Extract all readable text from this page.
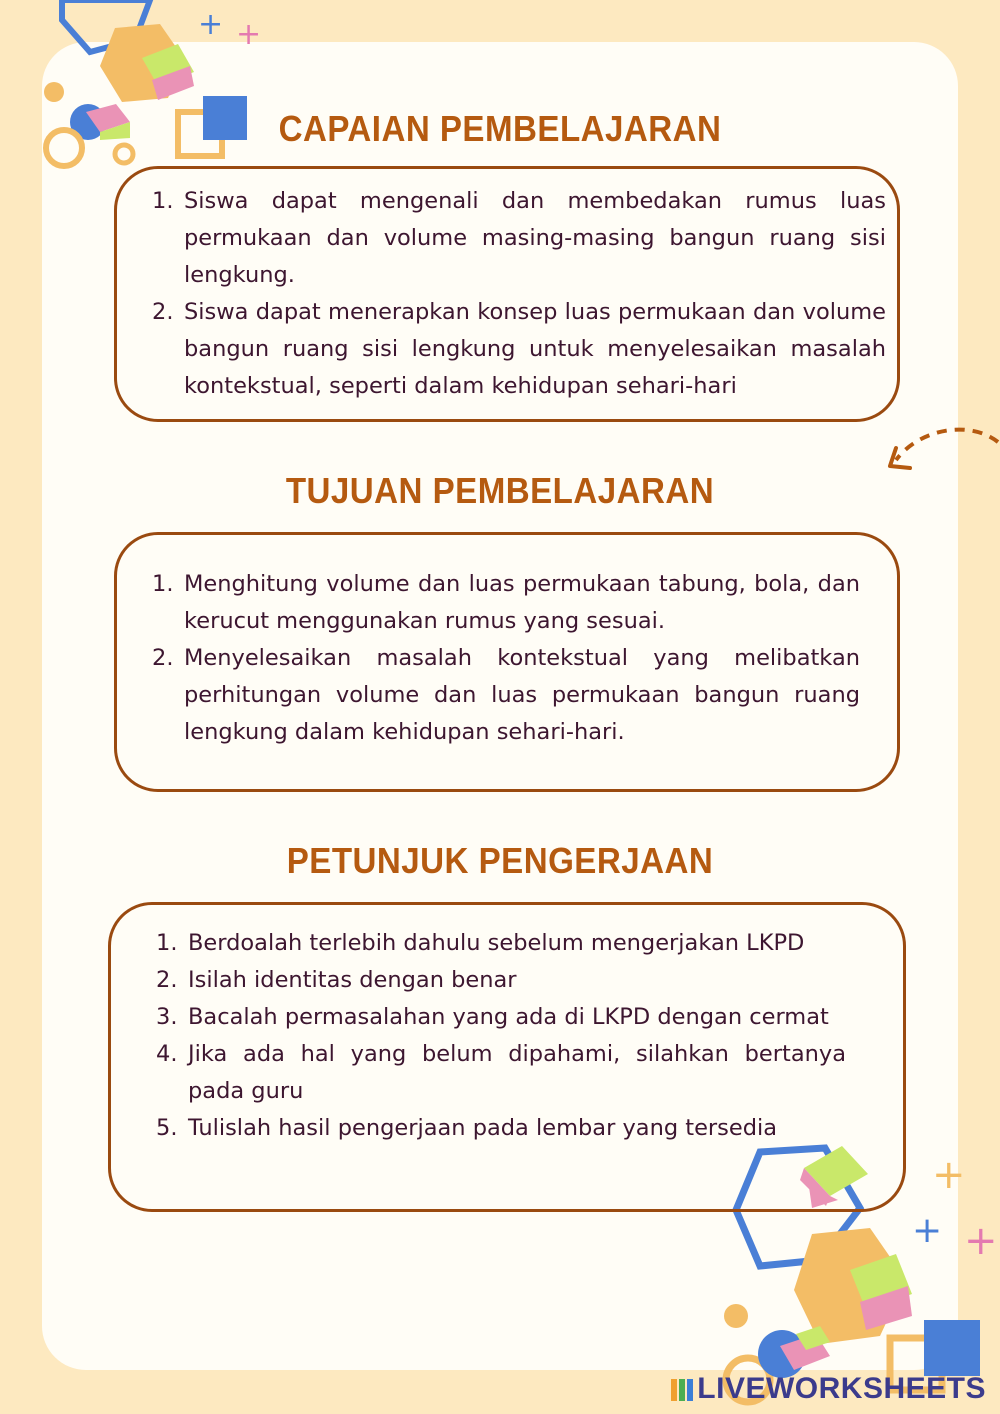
+ +
+
+ +
CAPAIAN PEMBELAJARAN
1. Siswa dapat mengenali dan membedakan rumus luas permukaan dan volume masing-masing bangun ruang sisi lengkung.
2. Siswa dapat menerapkan konsep luas permukaan dan volume bangun ruang sisi lengkung untuk menyelesaikan masalah kontekstual, seperti dalam kehidupan sehari-hari
TUJUAN PEMBELAJARAN
1. Menghitung volume dan luas permukaan tabung, bola, dan kerucut menggunakan rumus yang sesuai.
2. Menyelesaikan masalah kontekstual yang melibatkan perhitungan volume dan luas permukaan bangun ruang lengkung dalam kehidupan sehari-hari.
PETUNJUK PENGERJAAN
1. Berdoalah terlebih dahulu sebelum mengerjakan LKPD
2. Isilah identitas dengan benar
3. Bacalah permasalahan yang ada di LKPD dengan cermat
4. Jika ada hal yang belum dipahami, silahkan bertanya pada guru
5. Tulislah hasil pengerjaan pada lembar yang tersedia
LIVEWORKSHEETS
